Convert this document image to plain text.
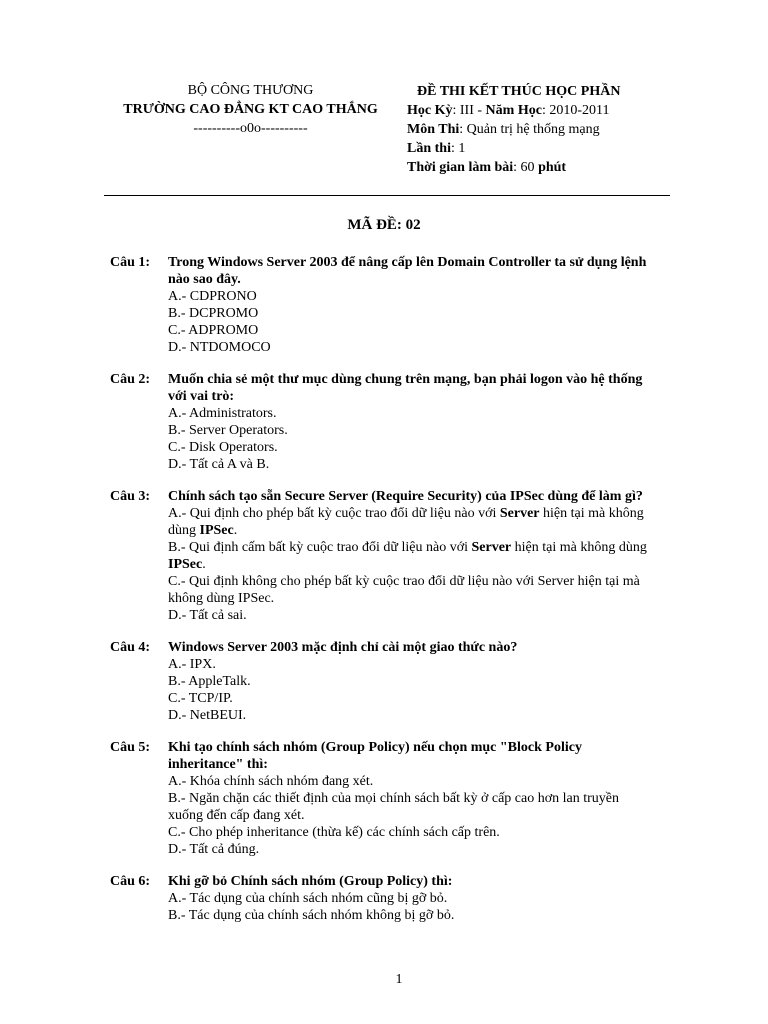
BỘ CÔNG THƯƠNG
TRƯỜNG CAO ĐẲNG KT CAO THẮNG
----------o0o----------
ĐỀ THI KẾT THÚC HỌC PHẦN
Học Kỳ: III - Năm Học: 2010-2011
Môn Thi: Quản trị hệ thống mạng
Lần thi: 1
Thời gian làm bài: 60 phút
MÃ ĐỀ: 02
Câu 1:	Trong Windows Server 2003 để nâng cấp lên Domain Controller ta sử dụng lệnh nào sao đây.
A.- CDPRONO
B.- DCPROMO
C.- ADPROMO
D.- NTDOMOCO
Câu 2:	Muốn chia sẻ một thư mục dùng chung trên mạng, bạn phải logon vào hệ thống với vai trò:
A.- Administrators.
B.- Server Operators.
C.- Disk Operators.
D.- Tất cả A và B.
Câu 3:	Chính sách tạo sẵn Secure Server (Require Security) của IPSec dùng để làm gì?
A.- Qui định cho phép bất kỳ cuộc trao đổi dữ liệu nào với Server hiện tại mà không dùng IPSec.
B.- Qui định cấm bất kỳ cuộc trao đổi dữ liệu nào với Server hiện tại mà không dùng IPSec.
C.- Qui định không cho phép bất kỳ cuộc trao đổi dữ liệu nào với Server hiện tại mà không dùng IPSec.
D.- Tất cả sai.
Câu 4:	Windows Server 2003 mặc định chỉ cài một giao thức nào?
A.- IPX.
B.- AppleTalk.
C.- TCP/IP.
D.- NetBEUI.
Câu 5:	Khi tạo chính sách nhóm (Group Policy) nếu chọn mục "Block Policy inheritance" thì:
A.- Khóa chính sách nhóm đang xét.
B.- Ngăn chặn các thiết định của mọi chính sách bất kỳ ở cấp cao hơn lan truyền xuống đến cấp đang xét.
C.- Cho phép inheritance (thừa kế) các chính sách cấp trên.
D.- Tất cả đúng.
Câu 6:	Khi gỡ bỏ Chính sách nhóm (Group Policy) thì:
A.- Tác dụng của chính sách nhóm cũng bị gỡ bỏ.
B.- Tác dụng của chính sách nhóm không bị gỡ bỏ.
1
